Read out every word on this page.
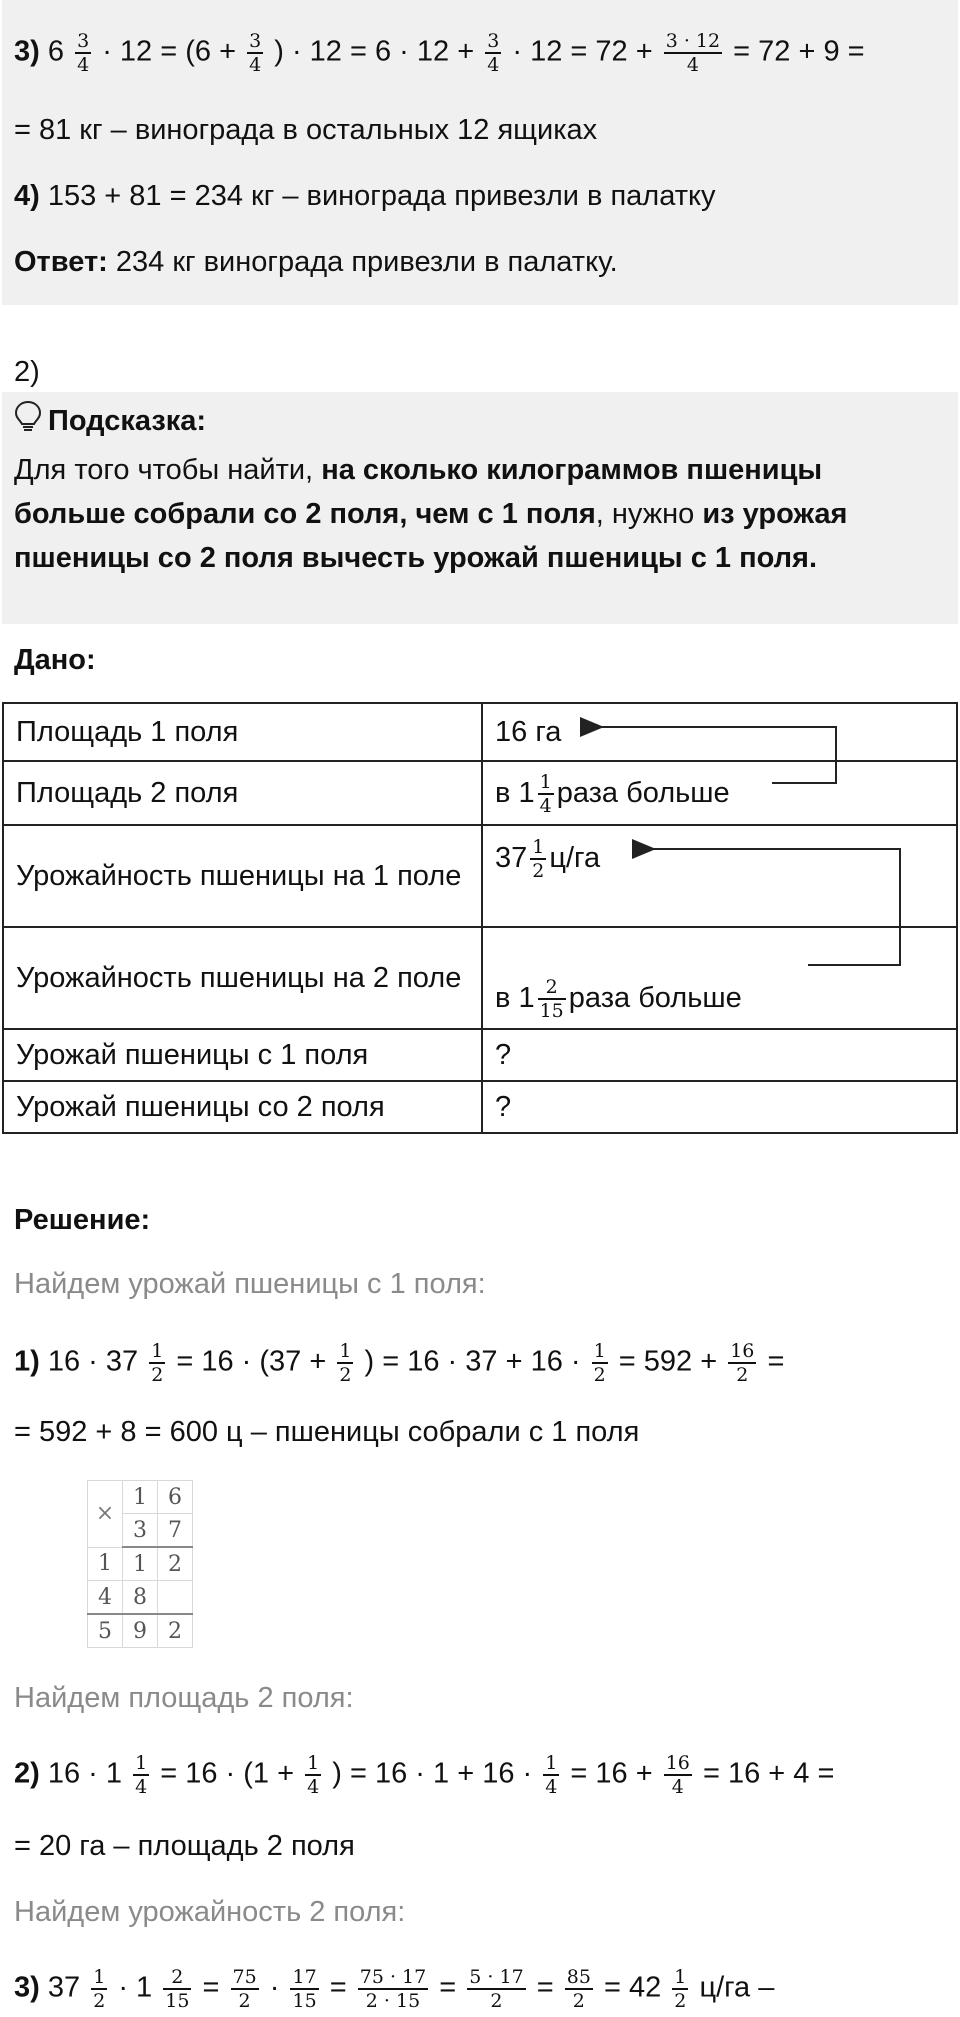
3) $6 \frac{3}{4} \cdot 12 = (6 + \frac{3}{4}$ ) · $12 = 6 \cdot 12 + \frac{3}{4} \cdot 12 = 72 + \frac{3 \cdot 12}{4} = 72 + 9$ =
= 81 кг – винограда в остальных 12 ящиках
4) 153 + 81 = 234 кг – винограда привезли в палатку
Ответ: 234 кг винограда привезли в палатку.
2)
Подсказка:
Для того чтобы найти, на сколько килограммов пшеницы
больше собрали со 2 поля, чем с 1 поля, нужно из урожая
пшеницы со 2 поля вычесть урожай пшеницы с 1 поля.
Дано:
Площадь 1 поля	16 га
Площадь 2 поля	в $1 \frac{1}{4}$ раза больше
Урожайность пшеницы на 1 поле	$37 \frac{1}{2} ц/га$
Урожайность пшеницы на 2 поле	в $1 \frac{2}{15}$ раза больше
Урожай пшеницы с 1 поля	?
Урожай пшеницы со 2 поля	?
Решение:
Найдем урожай пшеницы с 1 поля:
1) $16 \cdot 37 \frac{1}{2} = 16 \cdot (37 + \frac{1}{2}$ ) = $16 \cdot 37 + 16 \cdot \frac{1}{2} = 592 + \frac{16}{2}$ =
= 592 + 8 = 600 ц – пшеницы собрали с 1 поля
×	1	6
	3	7
1	1	2
4	8	
5	9	2
Найдем площадь 2 поля:
2) $16 \cdot 1 \frac{1}{4} = 16 \cdot (1 + \frac{1}{4}$ ) = $16 \cdot 1 + 16 \cdot \frac{1}{4} = 16 + \frac{16}{4} = 16 + 4$ =
= 20 га – площадь 2 поля
Найдем урожайность 2 поля:
3) $37 \frac{1}{2} \cdot 1 \frac{2}{15} = \frac{75}{2} \cdot \frac{17}{15} = \frac{75 \cdot 17}{2 \cdot 15} = \frac{5 \cdot 17}{2} = \frac{85}{2} = 42 \frac{1}{2} ц/га$ –
